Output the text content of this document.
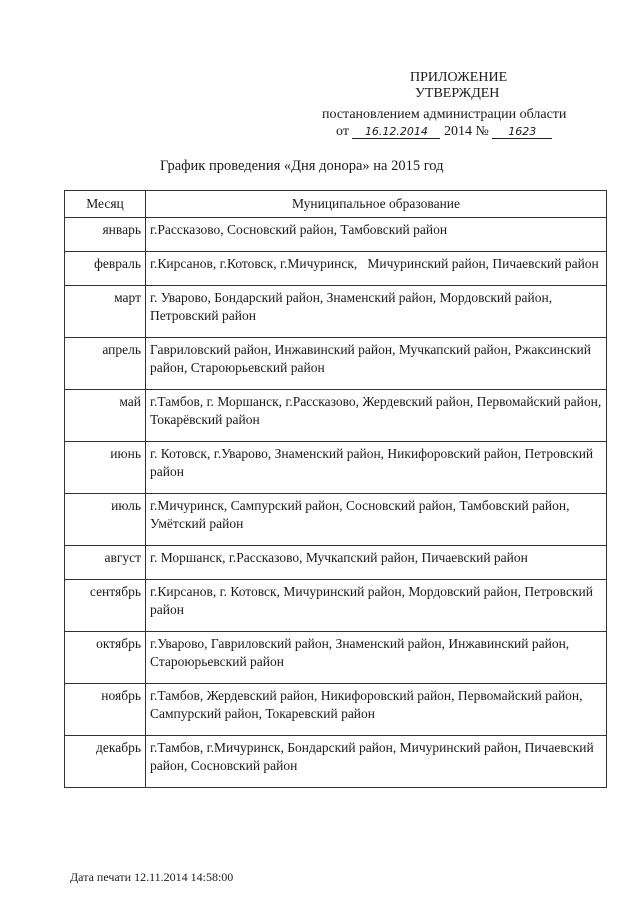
ПРИЛОЖЕНИЕ
УТВЕРЖДЕН
постановлением администрации области
от 16.12.2014 2014 № 1623
График проведения «Дня донора» на 2015 год
Месяц	Муниципальное образование
январь	г.Рассказово, Сосновский район, Тамбовский район
февраль	г.Кирсанов, г.Котовск, г.Мичуринск,   Мичуринский район, Пичаевский район
март	г. Уварово, Бондарский район, Знаменский район, Мордовский район, Петровский район
апрель	Гавриловский район, Инжавинский район, Мучкапский район, Ржаксинский район, Староюрьевский район
май	г.Тамбов, г. Моршанск, г.Рассказово, Жердевский район, Первомайский район, Токарёвский район
июнь	г. Котовск, г.Уварово, Знаменский район, Никифоровский район, Петровский район
июль	г.Мичуринск, Сампурский район, Сосновский район, Тамбовский район, Умётский район
август	г. Моршанск, г.Рассказово, Мучкапский район, Пичаевский район
сентябрь	г.Кирсанов, г. Котовск, Мичуринский район, Мордовский район, Петровский район
октябрь	г.Уварово, Гавриловский район, Знаменский район, Инжавинский район, Староюрьевский район
ноябрь	г.Тамбов, Жердевский район, Никифоровский район, Первомайский район, Сампурский район, Токаревский район
декабрь	г.Тамбов, г.Мичуринск, Бондарский район, Мичуринский район, Пичаевский район, Сосновский район
Дата печати 12.11.2014 14:58:00
